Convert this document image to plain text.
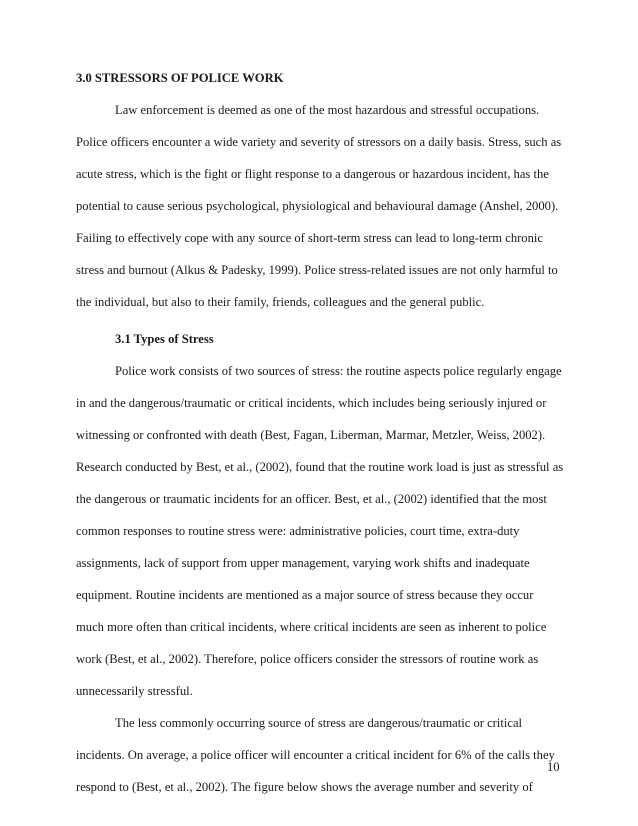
3.0 STRESSORS OF POLICE WORK
Law enforcement is deemed as one of the most hazardous and stressful occupations.
Police officers encounter a wide variety and severity of stressors on a daily basis. Stress, such as
acute stress, which is the fight or flight response to a dangerous or hazardous incident, has the
potential to cause serious psychological, physiological and behavioural damage (Anshel, 2000).
Failing to effectively cope with any source of short-term stress can lead to long-term chronic
stress and burnout (Alkus & Padesky, 1999). Police stress-related issues are not only harmful to
the individual, but also to their family, friends, colleagues and the general public.
3.1 Types of Stress
Police work consists of two sources of stress: the routine aspects police regularly engage
in and the dangerous/traumatic or critical incidents, which includes being seriously injured or
witnessing or confronted with death (Best, Fagan, Liberman, Marmar, Metzler, Weiss, 2002).
Research conducted by Best, et al., (2002), found that the routine work load is just as stressful as
the dangerous or traumatic incidents for an officer. Best, et al., (2002) identified that the most
common responses to routine stress were: administrative policies, court time, extra-duty
assignments, lack of support from upper management, varying work shifts and inadequate
equipment. Routine incidents are mentioned as a major source of stress because they occur
much more often than critical incidents, where critical incidents are seen as inherent to police
work (Best, et al., 2002). Therefore, police officers consider the stressors of routine work as
unnecessarily stressful.
The less commonly occurring source of stress are dangerous/traumatic or critical
incidents. On average, a police officer will encounter a critical incident for 6% of the calls they
respond to (Best, et al., 2002). The figure below shows the average number and severity of
10
